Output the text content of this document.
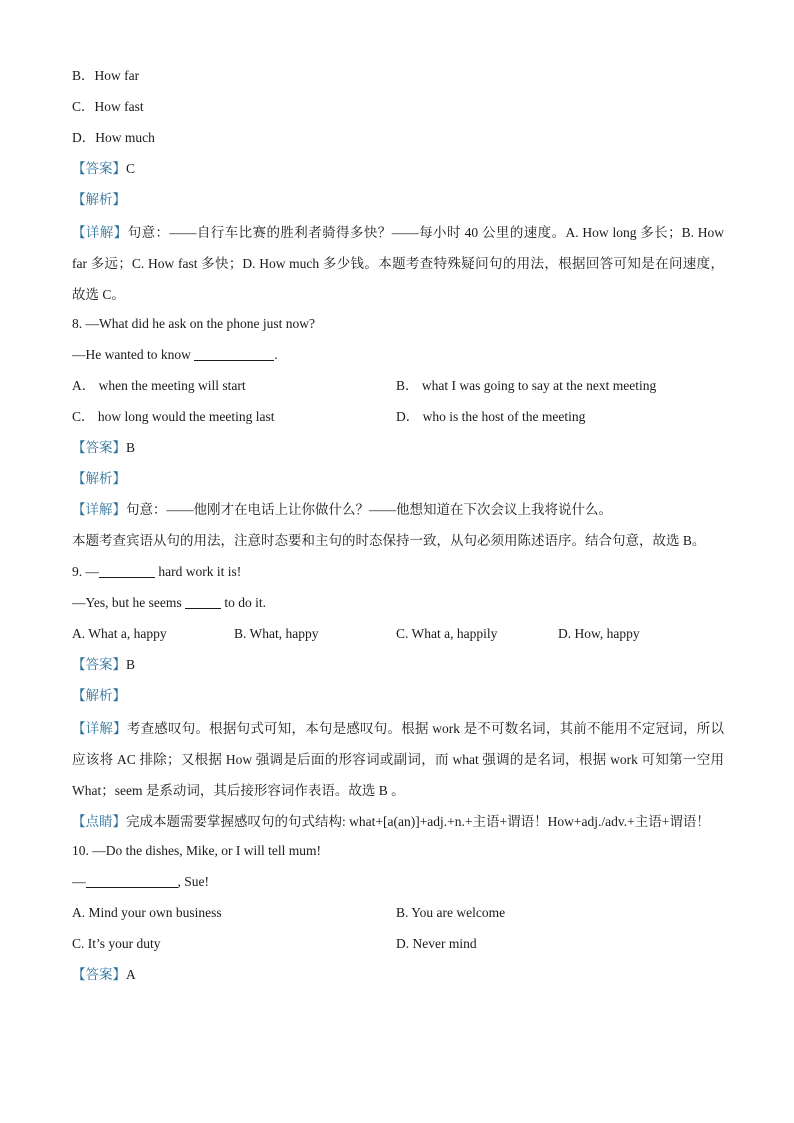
B．How far
C．How fast
D．How much
【答案】C
【解析】
【详解】句意：——自行车比赛的胜利者骑得多快？——每小时 40 公里的速度。A. How long 多长；B. How far 多远；C. How fast 多快；D. How much 多少钱。本题考查特殊疑问句的用法，根据回答可知是在问速度，故选 C。
8. —What did he ask on the phone just now?
—He wanted to know	.
A． when the meeting will start	B． what I was going to say at the next meeting
C． how long would the meeting last	D． who is the host of the meeting
【答案】B
【解析】
【详解】句意：——他刚才在电话上让你做什么？——他想知道在下次会议上我将说什么。
本题考查宾语从句的用法，注意时态要和主句的时态保持一致，从句必须用陈述语序。结合句意，故选 B。
9. —	hard work it is!
—Yes, but he seems	to do it.
A. What a, happy	B. What, happy	C. What a, happily	D. How, happy
【答案】B
【解析】
【详解】考查感叹句。根据句式可知，本句是感叹句。根据 work 是不可数名词，其前不能用不定冠词，所以应该将 AC 排除；又根据 How 强调是后面的形容词或副词，而 what 强调的是名词，根据 work 可知第一空用 What；seem 是系动词，其后接形容词作表语。故选 B 。
【点睛】完成本题需要掌握感叹句的句式结构: what+[a(an)]+adj.+n.+主语+谓语！How+adj./adv.+主语+谓语！
10. —Do the dishes, Mike, or I will tell mum!
—	, Sue!
A. Mind your own business	B. You are welcome
C. It’s your duty	D. Never mind
【答案】A
